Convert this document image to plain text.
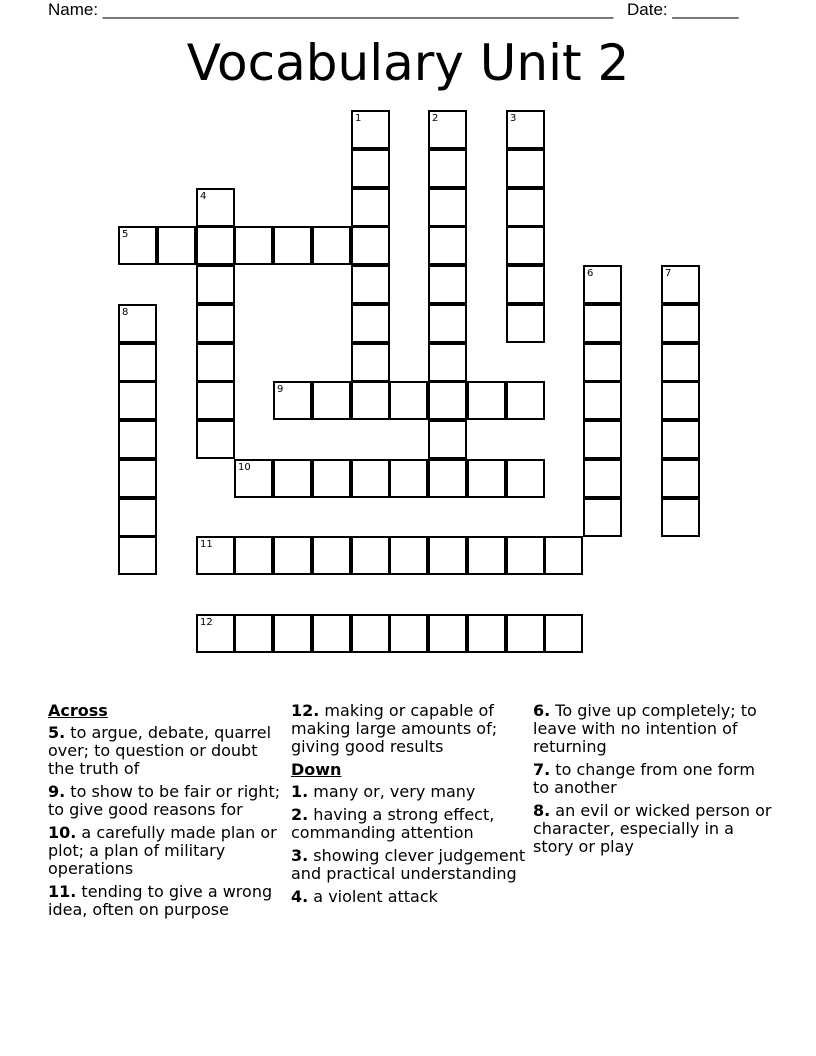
Name: ______________________________________________________ Date: _______
Vocabulary Unit 2
1	2	3
4
5
6	7
8
9
10
11
12
Across
5. to argue, debate, quarrel over; to question or doubt the truth of
9. to show to be fair or right; to give good reasons for
10. a carefully made plan or plot; a plan of military operations
11. tending to give a wrong idea, often on purpose
12. making or capable of making large amounts of; giving good results
Down
1. many or, very many
2. having a strong effect, commanding attention
3. showing clever judgement and practical understanding
4. a violent attack
6. To give up completely; to leave with no intention of returning
7. to change from one form to another
8. an evil or wicked person or character, especially in a story or play
